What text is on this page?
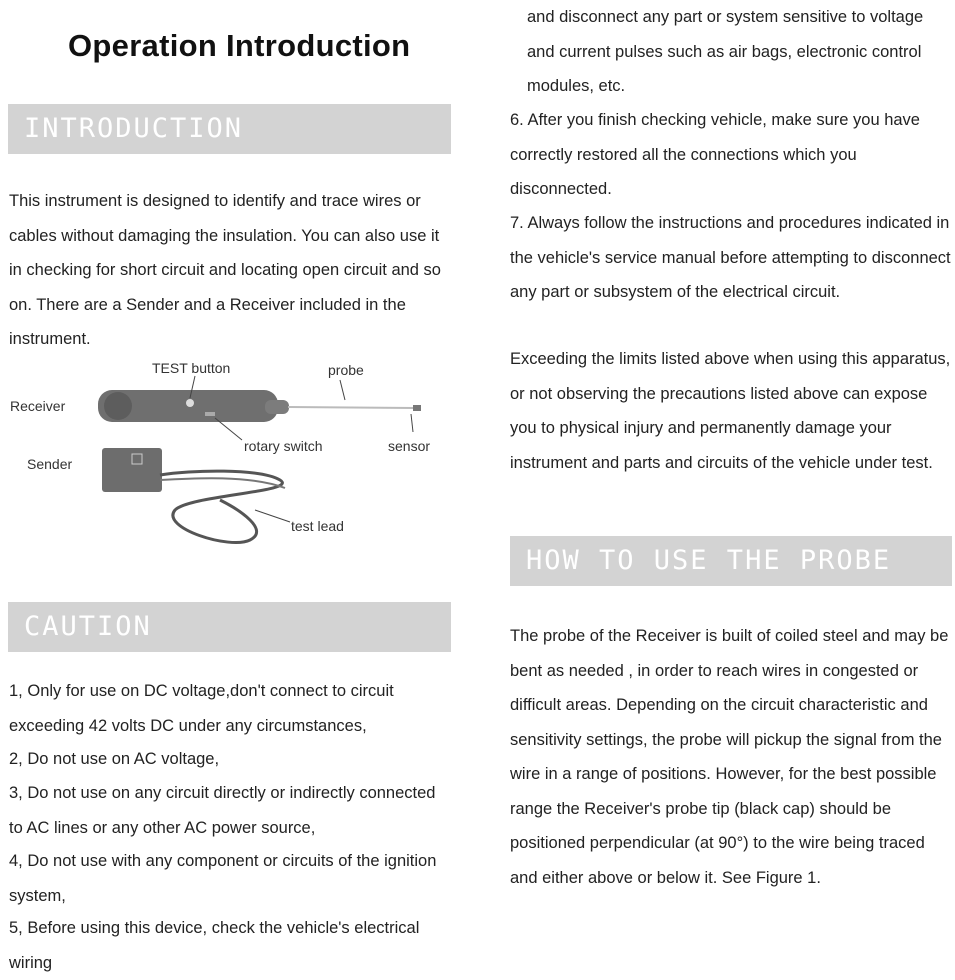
Operation Introduction
INTRODUCTION

This instrument is designed to identify and trace wires or cables without damaging the insulation. You can also use it in checking for short circuit and locating open circuit and so on. There are a Sender and a Receiver included in the instrument.

Receiver
TEST button	probe
rotary switch	sensor
Sender
test lead
CAUTION
1, Only for use on DC voltage,don't connect to circuit exceeding 42 volts DC under any circumstances,
2, Do not use on AC voltage,
3, Do not use on any circuit directly or indirectly connected to AC lines or any other AC power source,
4, Do not use with any component or circuits of the ignition system,
5, Before using this device, check the vehicle's electrical wiring

and disconnect any part or system sensitive to voltage and current pulses such as air bags, electronic control modules, etc.

6. After you finish checking vehicle, make sure you have correctly restored all the connections which you disconnected.
7. Always follow the instructions and procedures indicated in the vehicle's service manual before attempting to disconnect any part or subsystem of the electrical circuit.

Exceeding the limits listed above when using this apparatus, or not observing the precautions listed above can expose you to physical injury and permanently damage your instrument and parts and circuits of the vehicle under test.

HOW TO USE THE PROBE

The probe of the Receiver is built of coiled steel and may be bent as needed , in order to reach wires in congested or difficult areas. Depending on the circuit characteristic and sensitivity settings, the probe will pickup the signal from the wire in a range of positions. However, for the best possible range the Receiver's probe tip (black cap) should be positioned perpendicular (at 90°) to the wire being traced and either above or below it. See Figure 1.
